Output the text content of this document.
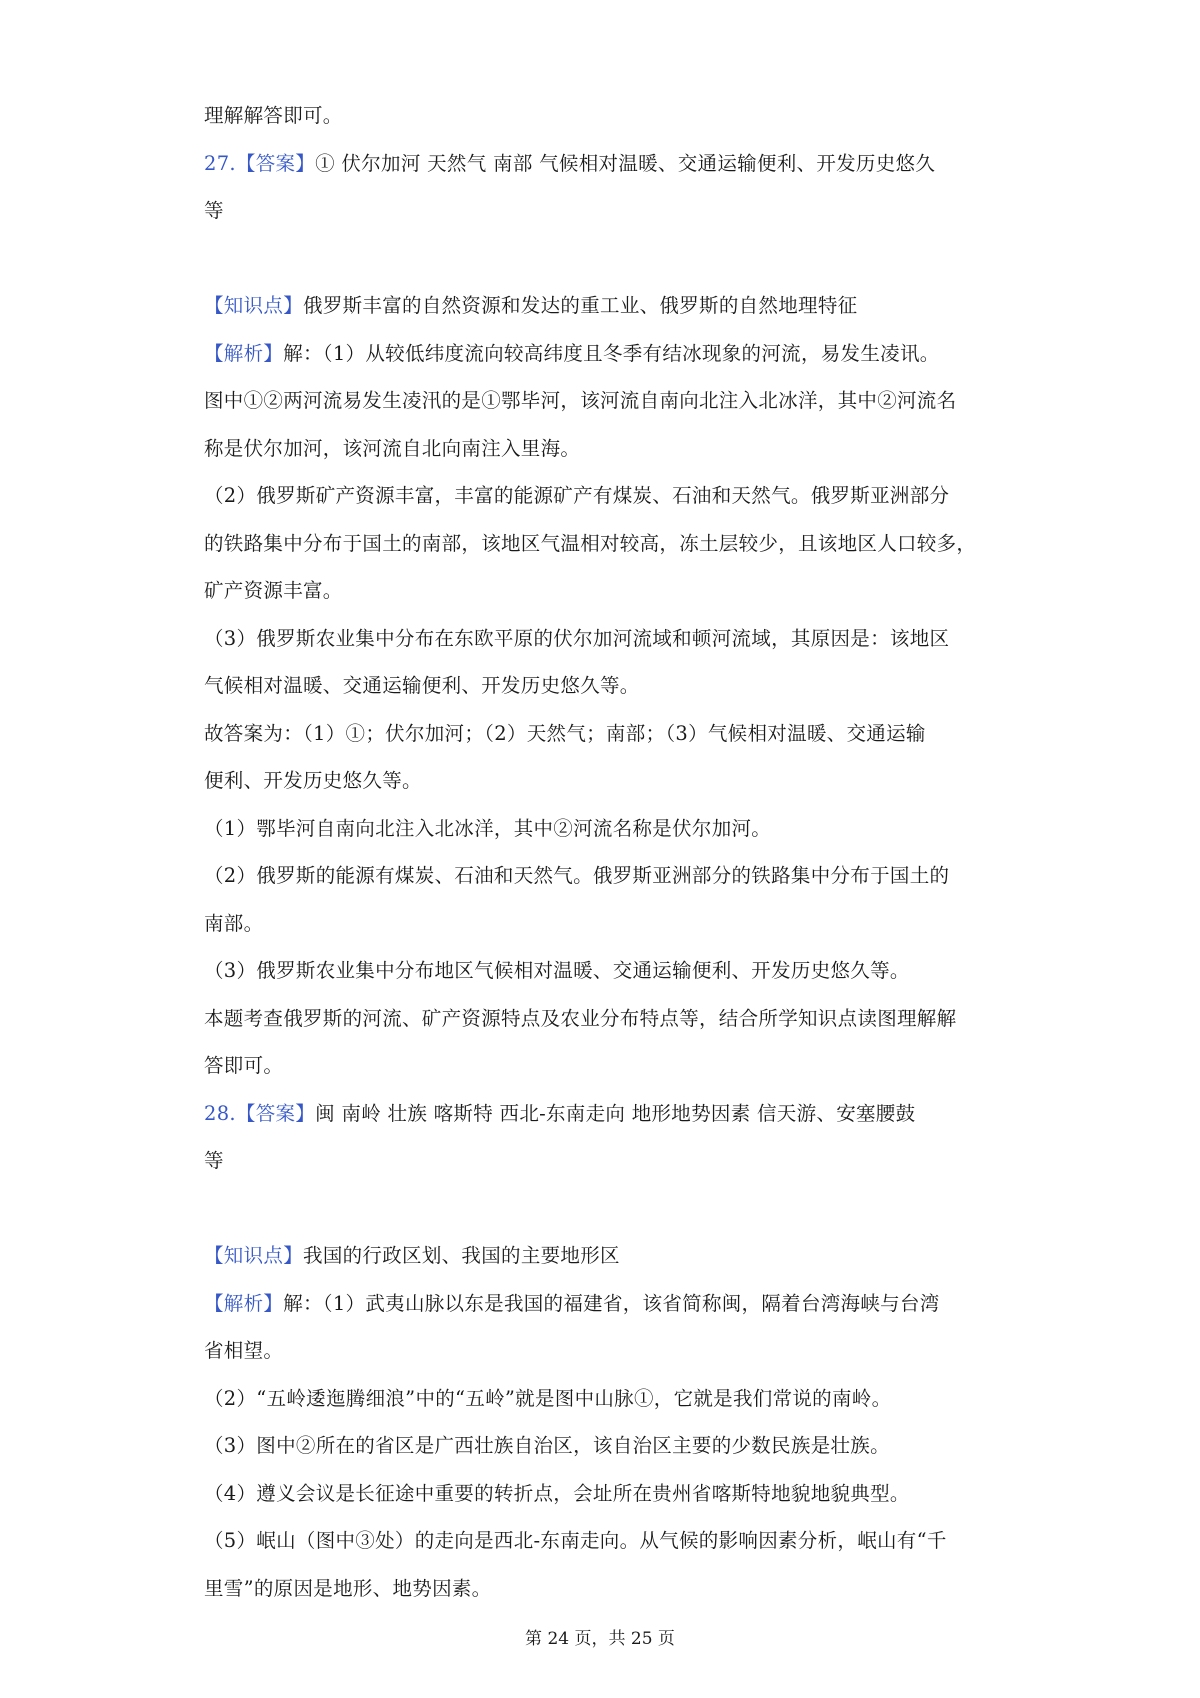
理解解答即可。
27.【答案】① 伏尔加河 天然气 南部 气候相对温暖、交通运输便利、开发历史悠久
等
【知识点】俄罗斯丰富的自然资源和发达的重工业、俄罗斯的自然地理特征
【解析】解：（1）从较低纬度流向较高纬度且冬季有结冰现象的河流，易发生凌讯。
图中①②两河流易发生凌汛的是①鄂毕河，该河流自南向北注入北冰洋，其中②河流名
称是伏尔加河，该河流自北向南注入里海。
（2）俄罗斯矿产资源丰富，丰富的能源矿产有煤炭、石油和天然气。俄罗斯亚洲部分
的铁路集中分布于国土的南部，该地区气温相对较高，冻土层较少，且该地区人口较多，
矿产资源丰富。
（3）俄罗斯农业集中分布在东欧平原的伏尔加河流域和顿河流域，其原因是：该地区
气候相对温暖、交通运输便利、开发历史悠久等。
故答案为：（1）①；伏尔加河；（2）天然气；南部；（3）气候相对温暖、交通运输
便利、开发历史悠久等。
（1）鄂毕河自南向北注入北冰洋，其中②河流名称是伏尔加河。
（2）俄罗斯的能源有煤炭、石油和天然气。俄罗斯亚洲部分的铁路集中分布于国土的
南部。
（3）俄罗斯农业集中分布地区气候相对温暖、交通运输便利、开发历史悠久等。
本题考查俄罗斯的河流、矿产资源特点及农业分布特点等，结合所学知识点读图理解解
答即可。
28.【答案】闽 南岭 壮族 喀斯特 西北-东南走向 地形地势因素 信天游、安塞腰鼓
等
【知识点】我国的行政区划、我国的主要地形区
【解析】解：（1）武夷山脉以东是我国的福建省，该省简称闽，隔着台湾海峡与台湾
省相望。
（2）“五岭逶迤腾细浪”中的“五岭”就是图中山脉①，它就是我们常说的南岭。
（3）图中②所在的省区是广西壮族自治区，该自治区主要的少数民族是壮族。
（4）遵义会议是长征途中重要的转折点，会址所在贵州省喀斯特地貌地貌典型。
（5）岷山（图中③处）的走向是西北-东南走向。从气候的影响因素分析，岷山有“千
里雪”的原因是地形、地势因素。
第 24 页，共 25 页
